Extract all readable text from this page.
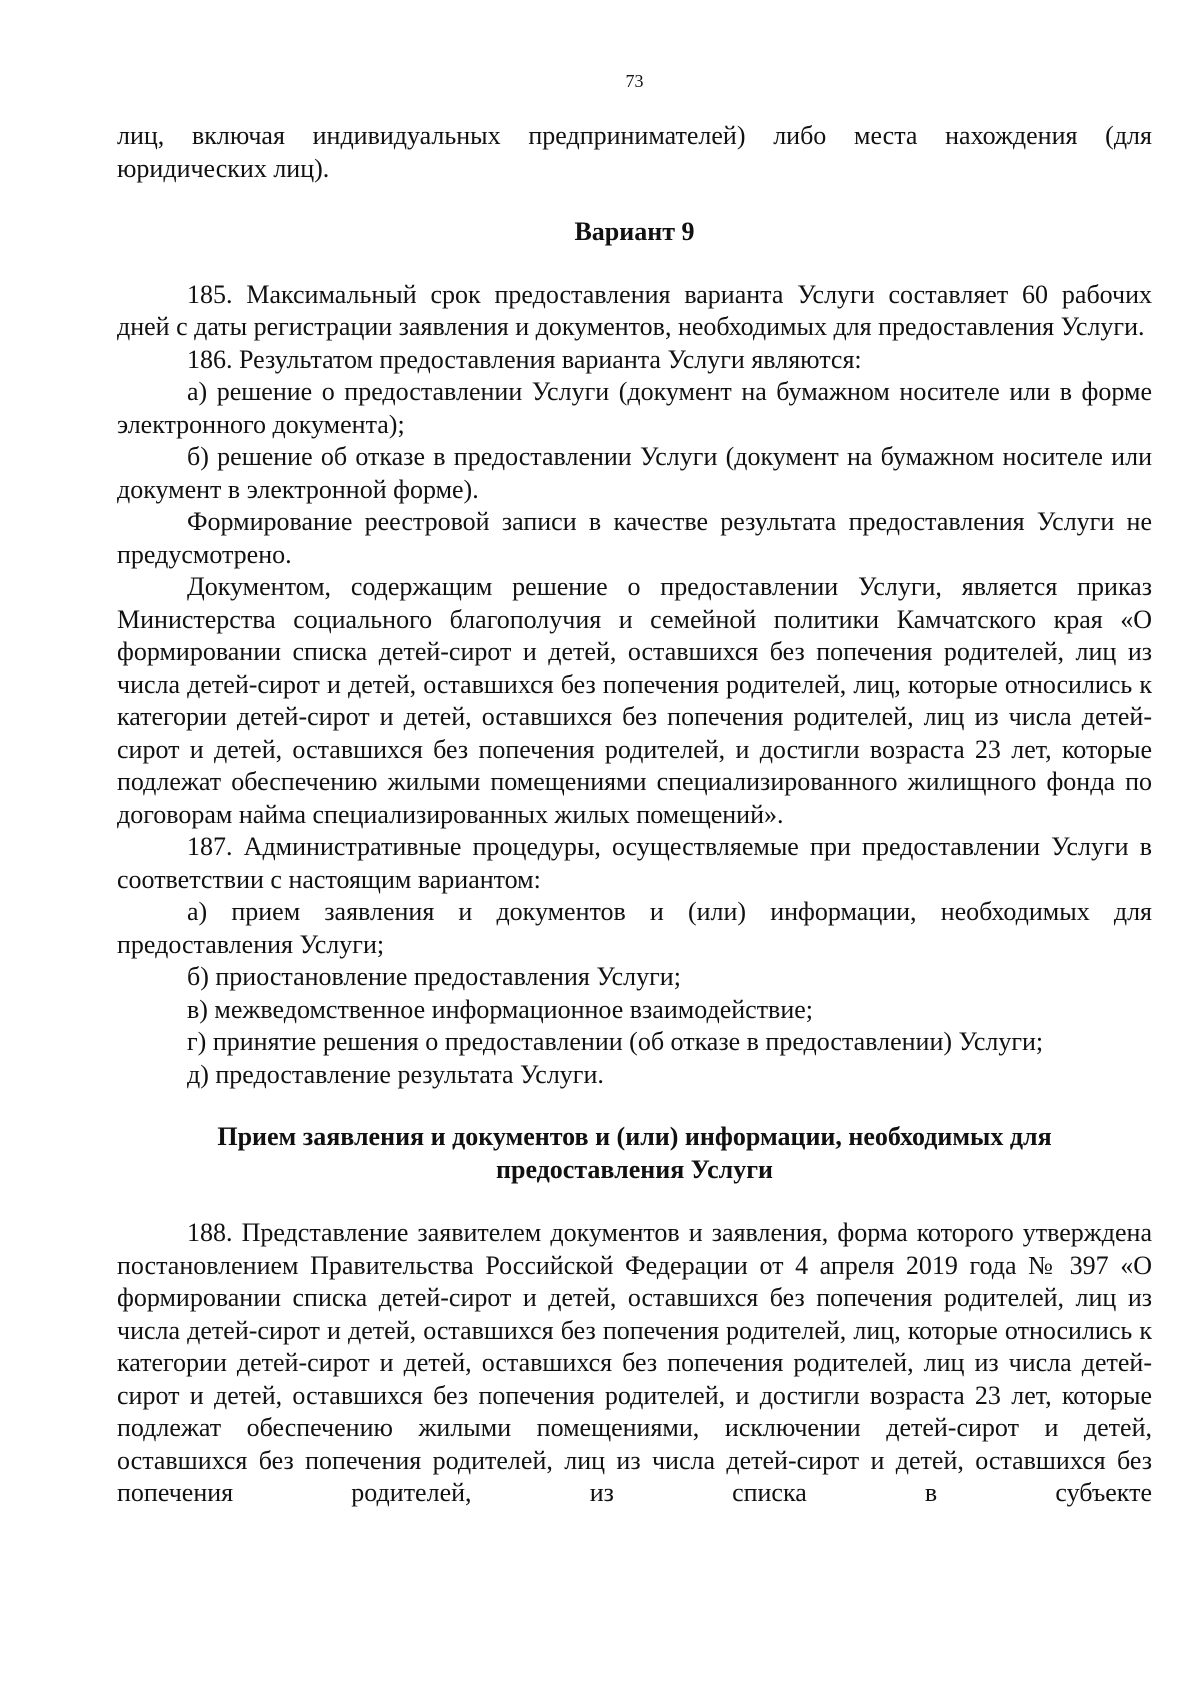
73

лиц, включая индивидуальных предпринимателей) либо места нахождения (для юридических лиц).

Вариант 9

185. Максимальный срок предоставления варианта Услуги составляет 60 рабочих дней с даты регистрации заявления и документов, необходимых для предоставления Услуги.

186. Результатом предоставления варианта Услуги являются:

а) решение о предоставлении Услуги (документ на бумажном носителе или в форме электронного документа);

б) решение об отказе в предоставлении Услуги (документ на бумажном носителе или документ в электронной форме).

Формирование реестровой записи в качестве результата предоставления Услуги не предусмотрено.

Документом, содержащим решение о предоставлении Услуги, является приказ Министерства социального благополучия и семейной политики Камчатского края «О формировании списка детей-сирот и детей, оставшихся без попечения родителей, лиц из числа детей-сирот и детей, оставшихся без попечения родителей, лиц, которые относились к категории детей-сирот и детей, оставшихся без попечения родителей, лиц из числа детей-сирот и детей, оставшихся без попечения родителей, и достигли возраста 23 лет, которые подлежат обеспечению жилыми помещениями специализированного жилищного фонда по договорам найма специализированных жилых помещений».

187. Административные процедуры, осуществляемые при предоставлении Услуги в соответствии с настоящим вариантом:

а) прием заявления и документов и (или) информации, необходимых для предоставления Услуги;

б) приостановление предоставления Услуги;

в) межведомственное информационное взаимодействие;

г) принятие решения о предоставлении (об отказе в предоставлении) Услуги;

д) предоставление результата Услуги.

Прием заявления и документов и (или) информации, необходимых для
предоставления Услуги

188. Представление заявителем документов и заявления, форма которого утверждена постановлением Правительства Российской Федерации от 4 апреля 2019 года № 397 «О формировании списка детей-сирот и детей, оставшихся без попечения родителей, лиц из числа детей-сирот и детей, оставшихся без попечения родителей, лиц, которые относились к категории детей-сирот и детей, оставшихся без попечения родителей, лиц из числа детей-сирот и детей, оставшихся без попечения родителей, и достигли возраста 23 лет, которые подлежат обеспечению жилыми помещениями, исключении детей-сирот и детей, оставшихся без попечения родителей, лиц из числа детей-сирот и детей, оставшихся без попечения родителей, из списка в субъекте
